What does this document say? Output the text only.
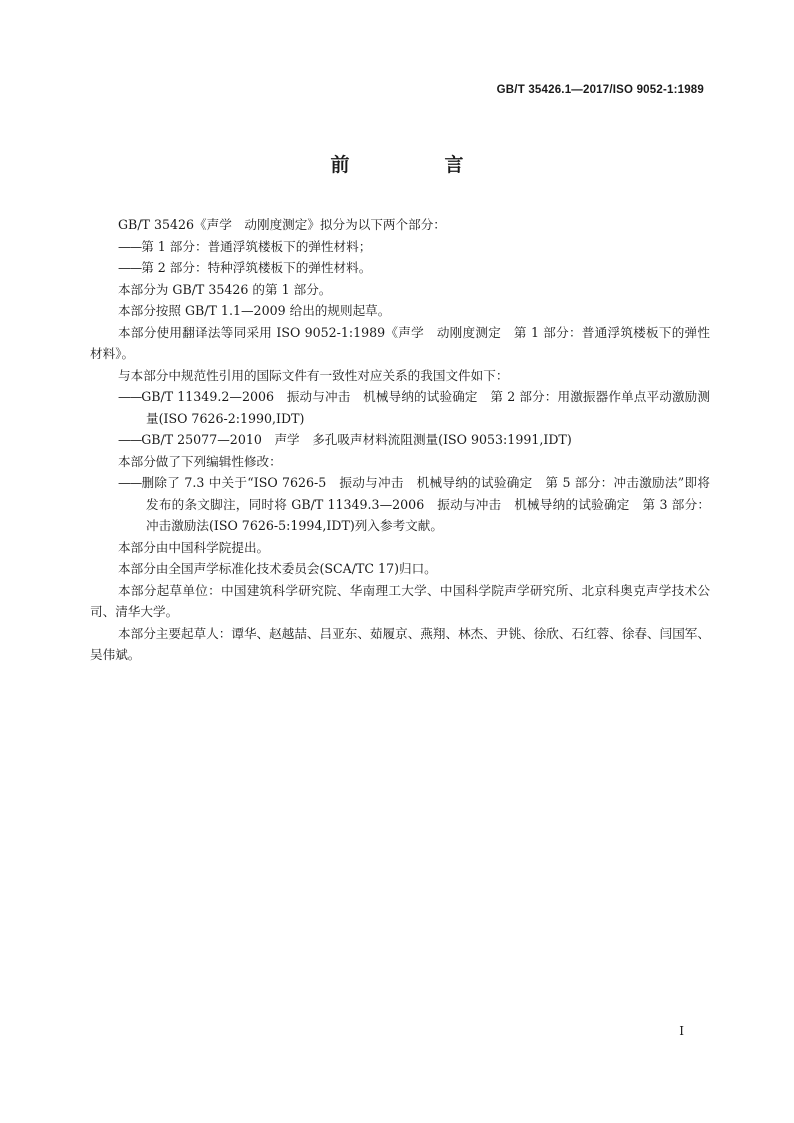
GB/T 35426.1—2017/ISO 9052-1:1989
前　言

GB/T 35426《声学　动刚度测定》拟分为以下两个部分：

——第 1 部分：普通浮筑楼板下的弹性材料；

——第 2 部分：特种浮筑楼板下的弹性材料。

本部分为 GB/T 35426 的第 1 部分。

本部分按照 GB/T 1.1—2009 给出的规则起草。

本部分使用翻译法等同采用 ISO 9052-1:1989《声学　动刚度测定　第 1 部分：普通浮筑楼板下的弹性材料》。

与本部分中规范性引用的国际文件有一致性对应关系的我国文件如下：

——GB/T 11349.2—2006　振动与冲击　机械导纳的试验确定　第 2 部分：用激振器作单点平动激励测量(ISO 7626-2:1990,IDT)

——GB/T 25077—2010　声学　多孔吸声材料流阻测量(ISO 9053:1991,IDT)

本部分做了下列编辑性修改：

——删除了 7.3 中关于“ISO 7626-5　振动与冲击　机械导纳的试验确定　第 5 部分：冲击激励法”即将发布的条文脚注，同时将 GB/T 11349.3—2006　振动与冲击　机械导纳的试验确定　第 3 部分：冲击激励法(ISO 7626-5:1994,IDT)列入参考文献。

本部分由中国科学院提出。

本部分由全国声学标准化技术委员会(SCA/TC 17)归口。

本部分起草单位：中国建筑科学研究院、华南理工大学、中国科学院声学研究所、北京科奥克声学技术公司、清华大学。

本部分主要起草人：谭华、赵越喆、吕亚东、茹履京、燕翔、林杰、尹铫、徐欣、石红蓉、徐春、闫国军、吴伟斌。

I
